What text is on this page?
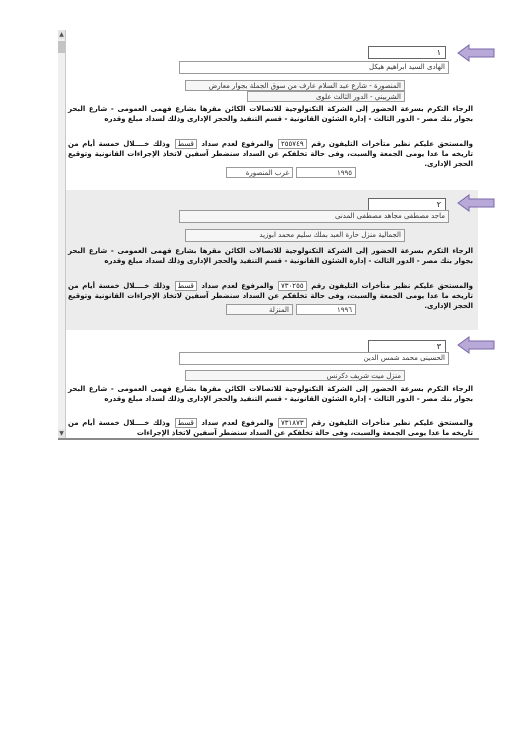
▲
▼
١
الهادى السيد ابراهيم هيكل
المنصورة - شارع عبد السلام عارف من سوق الجملة بجوار معارض
الشربيني - الدور الثالث علوى
الرجاء التكرم بسرعة الحضور إلى الشركة التكنولوجية للاتصالات الكائن مقرها بشارع فهمى العمومى - شارع البحر بجوار بنك مصر - الدور الثالث - إدارة الشئون القانونية - قسم التنفيذ والحجز الإدارى وذلك لسداد مبلغ وقدره
والمستحق عليكم نظير متأخرات التليفون رقم ٢٥٥٧٤٩ والمرفوع لعدم سداد قسط وذلك خــــلال خمسة أيام من تاريخه ما عدا يومى الجمعة والسبت، وفى حالة تخلفكم عن السداد سنضطر آسفين لاتخاذ الإجراءات القانونية وتوقيع الحجز الإدارى.
١٩٩٥
غرب المنصورة
٢
ماجد مصطفى مجاهد مصطفى المدنى
الجمالية منزل حارة العبد بملك سليم محمد ابوزيد
الرجاء التكرم بسرعة الحضور إلى الشركة التكنولوجية للاتصالات الكائن مقرها بشارع فهمى العمومى - شارع البحر بجوار بنك مصر - الدور الثالث - إدارة الشئون القانونية - قسم التنفيذ والحجز الإدارى وذلك لسداد مبلغ وقدره
والمستحق عليكم نظير متأخرات التليفون رقم ٧٣٠٢٥٥ والمرفوع لعدم سداد قسط وذلك خــــلال خمسة أيام من تاريخه ما عدا يومى الجمعة والسبت، وفى حالة تخلفكم عن السداد سنضطر آسفين لاتخاذ الإجراءات القانونية وتوقيع الحجز الإدارى.
١٩٩٦
المنزلة
٣
الحسينى محمد شمس الدين
منزل ميت شريف دكرنس
الرجاء التكرم بسرعة الحضور إلى الشركة التكنولوجية للاتصالات الكائن مقرها بشارع فهمى العمومى - شارع البحر بجوار بنك مصر - الدور الثالث - إدارة الشئون القانونية - قسم التنفيذ والحجز الإدارى وذلك لسداد مبلغ وقدره
والمستحق عليكم نظير متأخرات التليفون رقم ٧٣١٨٧٣ والمرفوع لعدم سداد قسط وذلك خــــلال خمسة أيام من تاريخه ما عدا يومى الجمعة والسبت، وفى حالة تخلفكم عن السداد سنضطر آسفين لاتخاذ الإجراءات
